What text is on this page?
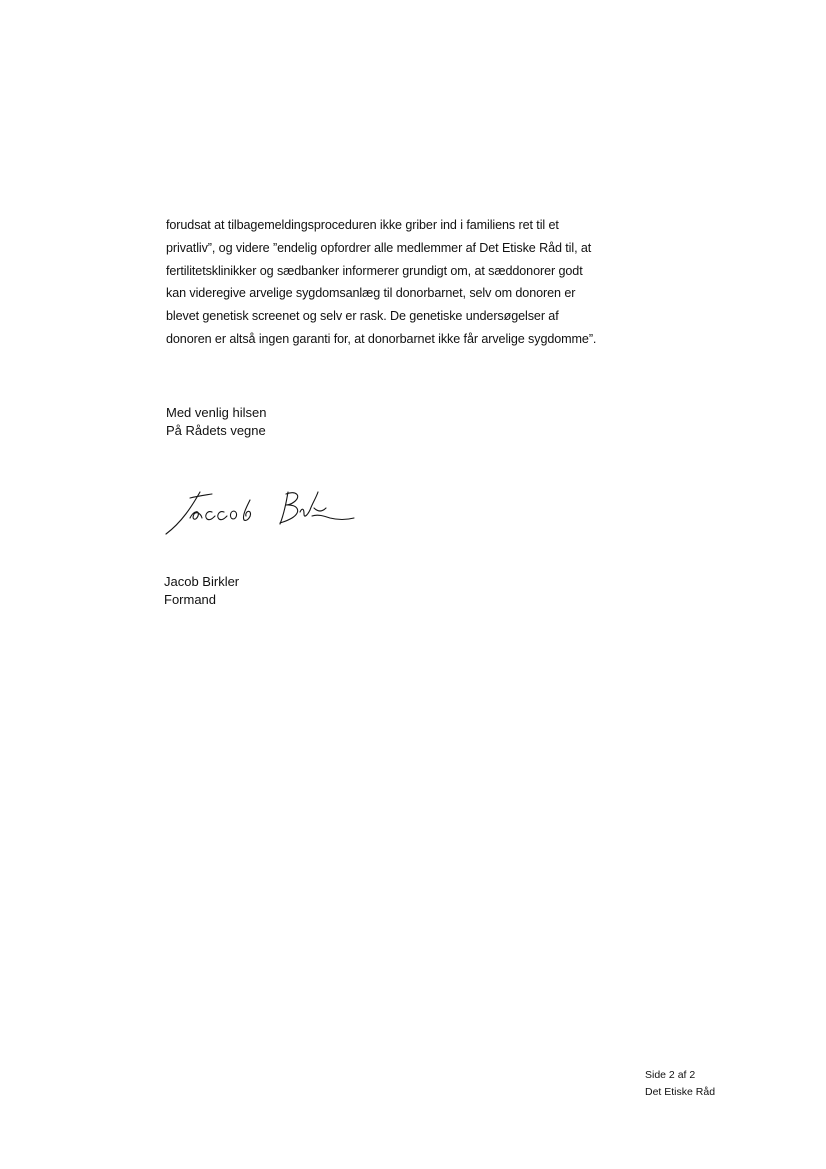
forudsat at tilbagemeldingsproceduren ikke griber ind i familiens ret til et
privatliv”, og videre ”endelig opfordrer alle medlemmer af Det Etiske Råd til, at
fertilitetsklinikker og sædbanker informerer grundigt om, at sæddonorer godt
kan videregive arvelige sygdomsanlæg til donorbarnet, selv om donoren er
blevet genetisk screenet og selv er rask. De genetiske undersøgelser af
donoren er altså ingen garanti for, at donorbarnet ikke får arvelige sygdomme”.
Med venlig hilsen
På Rådets vegne
Jacob Birkler
Formand
Side 2 af 2
Det Etiske Råd
